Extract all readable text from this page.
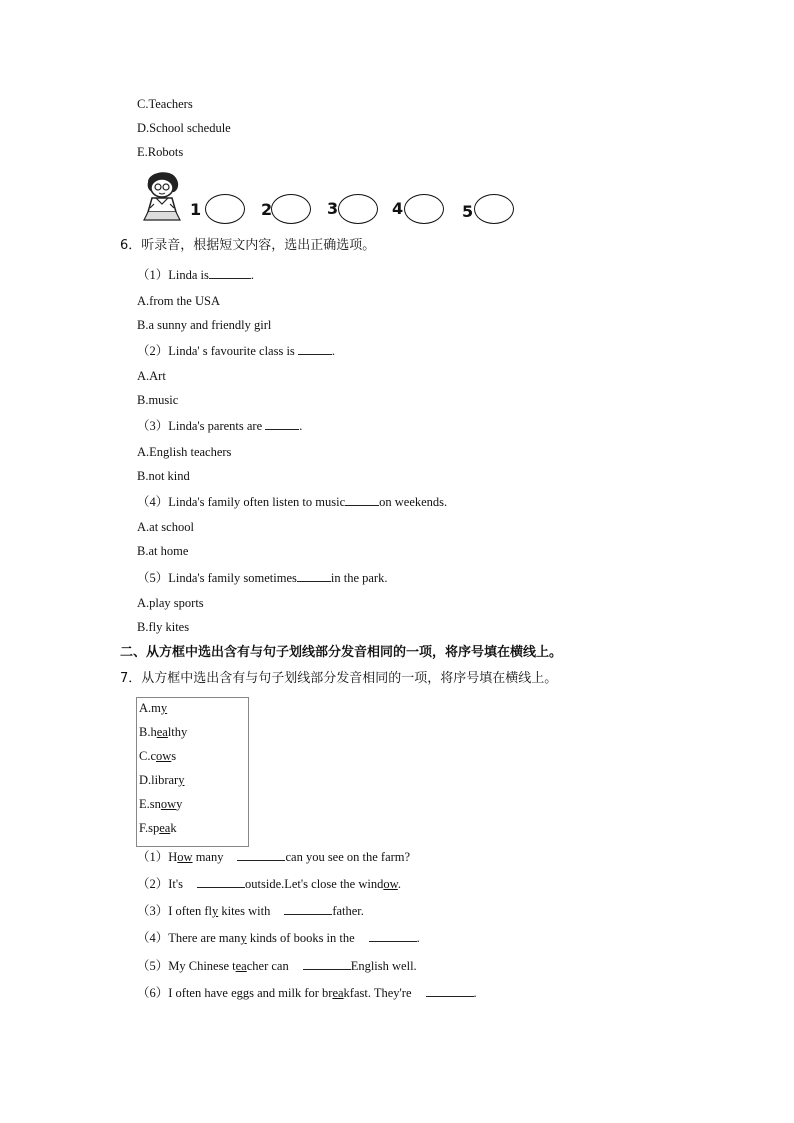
C.Teachers
D.School schedule
E.Robots
1	2	3	4	5
6．听录音，根据短文内容，选出正确选项。
（1）Linda is	.
A.from the USA
B.a sunny and friendly girl
（2）Linda' s favourite class is	.
A.Art
B.music
（3）Linda's parents are	.
A.English teachers
B.not kind
（4）Linda's family often listen to music	on weekends.
A.at school
B.at home
（5）Linda's family sometimes	in the park.
A.play sports
B.fly kites
二、从方框中选出含有与句子划线部分发音相同的一项，将序号填在横线上。
7．从方框中选出含有与句子划线部分发音相同的一项，将序号填在横线上。
A.my
B.healthy
C.cows
D.library
E.snowy
F.speak
（1）How many	can you see on the farm?
（2）It's	outside.Let's close the window.
（3）I often fly kites with	father.
（4）There are many kinds of books in the	.
（5）My Chinese teacher can	English well.
（6）I often have eggs and milk for breakfast. They're	.
